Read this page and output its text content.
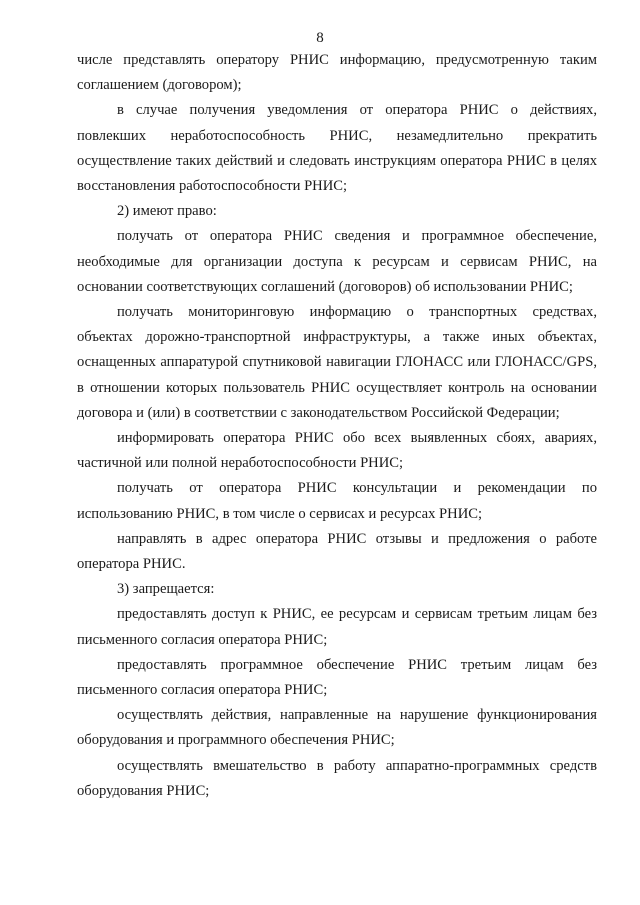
8

числе представлять оператору РНИС информацию, предусмотренную таким соглашением (договором);

в случае получения уведомления от оператора РНИС о действиях, повлекших неработоспособность РНИС, незамедлительно прекратить осуществление таких действий и следовать инструкциям оператора РНИС в целях восстановления работоспособности РНИС;

2) имеют право:

получать от оператора РНИС сведения и программное обеспечение, необходимые для организации доступа к ресурсам и сервисам РНИС, на основании соответствующих соглашений (договоров) об использовании РНИС;

получать мониторинговую информацию о транспортных средствах, объектах дорожно-транспортной инфраструктуры, а также иных объектах, оснащенных аппаратурой спутниковой навигации ГЛОНАСС или ГЛОНАСС/GPS, в отношении которых пользователь РНИС осуществляет контроль на основании договора и (или) в соответствии с законодательством Российской Федерации;

информировать оператора РНИС обо всех выявленных сбоях, авариях, частичной или полной неработоспособности РНИС;

получать от оператора РНИС консультации и рекомендации по использованию РНИС, в том числе о сервисах и ресурсах РНИС;

направлять в адрес оператора РНИС отзывы и предложения о работе оператора РНИС.

3) запрещается:

предоставлять доступ к РНИС, ее ресурсам и сервисам третьим лицам без письменного согласия оператора РНИС;

предоставлять программное обеспечение РНИС третьим лицам без письменного согласия оператора РНИС;

осуществлять действия, направленные на нарушение функционирования оборудования и программного обеспечения РНИС;

осуществлять вмешательство в работу аппаратно-программных средств оборудования РНИС;
